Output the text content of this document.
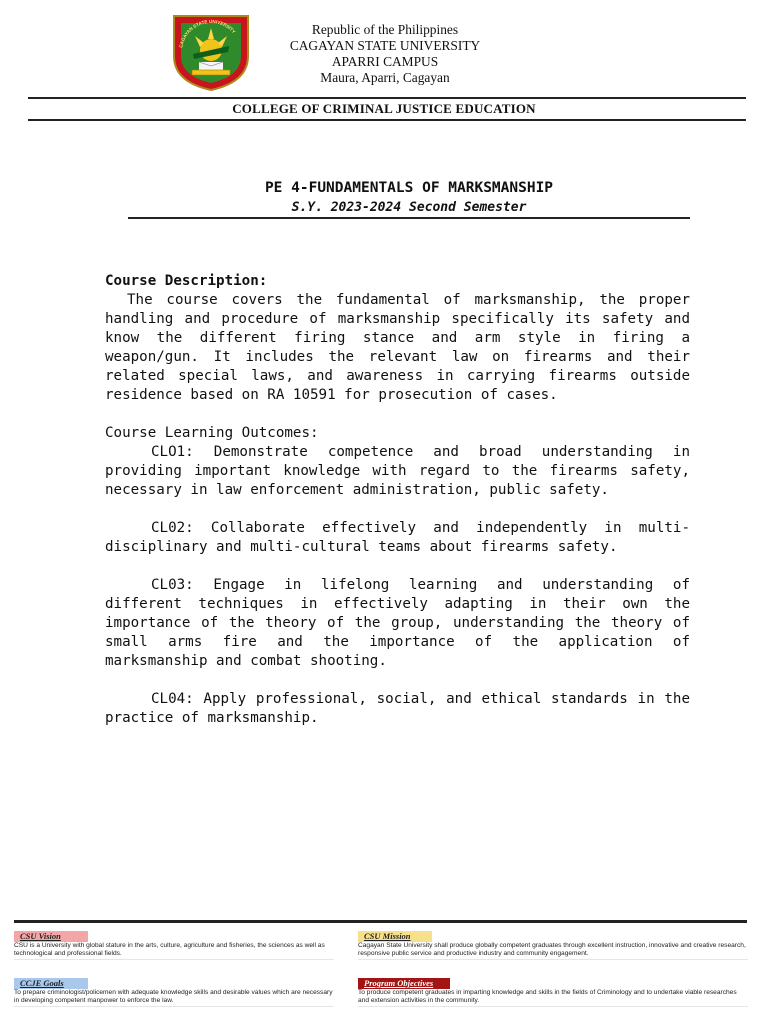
CAGAYAN STATE UNIVERSITY	Republic of the Philippines
CAGAYAN STATE UNIVERSITY
APARRI CAMPUS
Maura, Aparri, Cagayan
COLLEGE OF CRIMINAL JUSTICE EDUCATION
PE 4-FUNDAMENTALS OF MARKSMANSHIP
S.Y. 2023-2024 Second Semester

Course Description:

The course covers the fundamental of marksmanship, the proper handling and procedure of marksmanship specifically its safety and know the different firing stance and arm style in firing a weapon/gun. It includes the relevant law on firearms and their related special laws, and awareness in carrying firearms outside residence based on RA 10591 for prosecution of cases.

Course Learning Outcomes:

CLO1: Demonstrate competence and broad understanding in providing important knowledge with regard to the firearms safety, necessary in law enforcement administration, public safety.

CL02: Collaborate effectively and independently in multi-disciplinary and multi-cultural teams about firearms safety.

CL03: Engage in lifelong learning and understanding of different techniques in effectively adapting in their own the importance of the theory of the group, understanding the theory of small arms fire and the importance of the application of marksmanship and combat shooting.

CL04: Apply professional, social, and ethical standards in the practice of marksmanship.

CSU Vision
CSU is a University with global stature in the arts, culture, agriculture and fisheries, the sciences as well as technological and professional fields.
CSU Mission
Cagayan State University shall produce globally competent graduates through excellent instruction, innovative and creative research, responsive public service and productive industry and community engagement.
CCJE Goals
To prepare criminologist/policemen with adequate knowledge skills and desirable values which are necessary in developing competent manpower to enforce the law.
Program Objectives
To produce competent graduates in imparting knowledge and skills in the fields of Criminology and to undertake viable researches and extension activities in the community.
